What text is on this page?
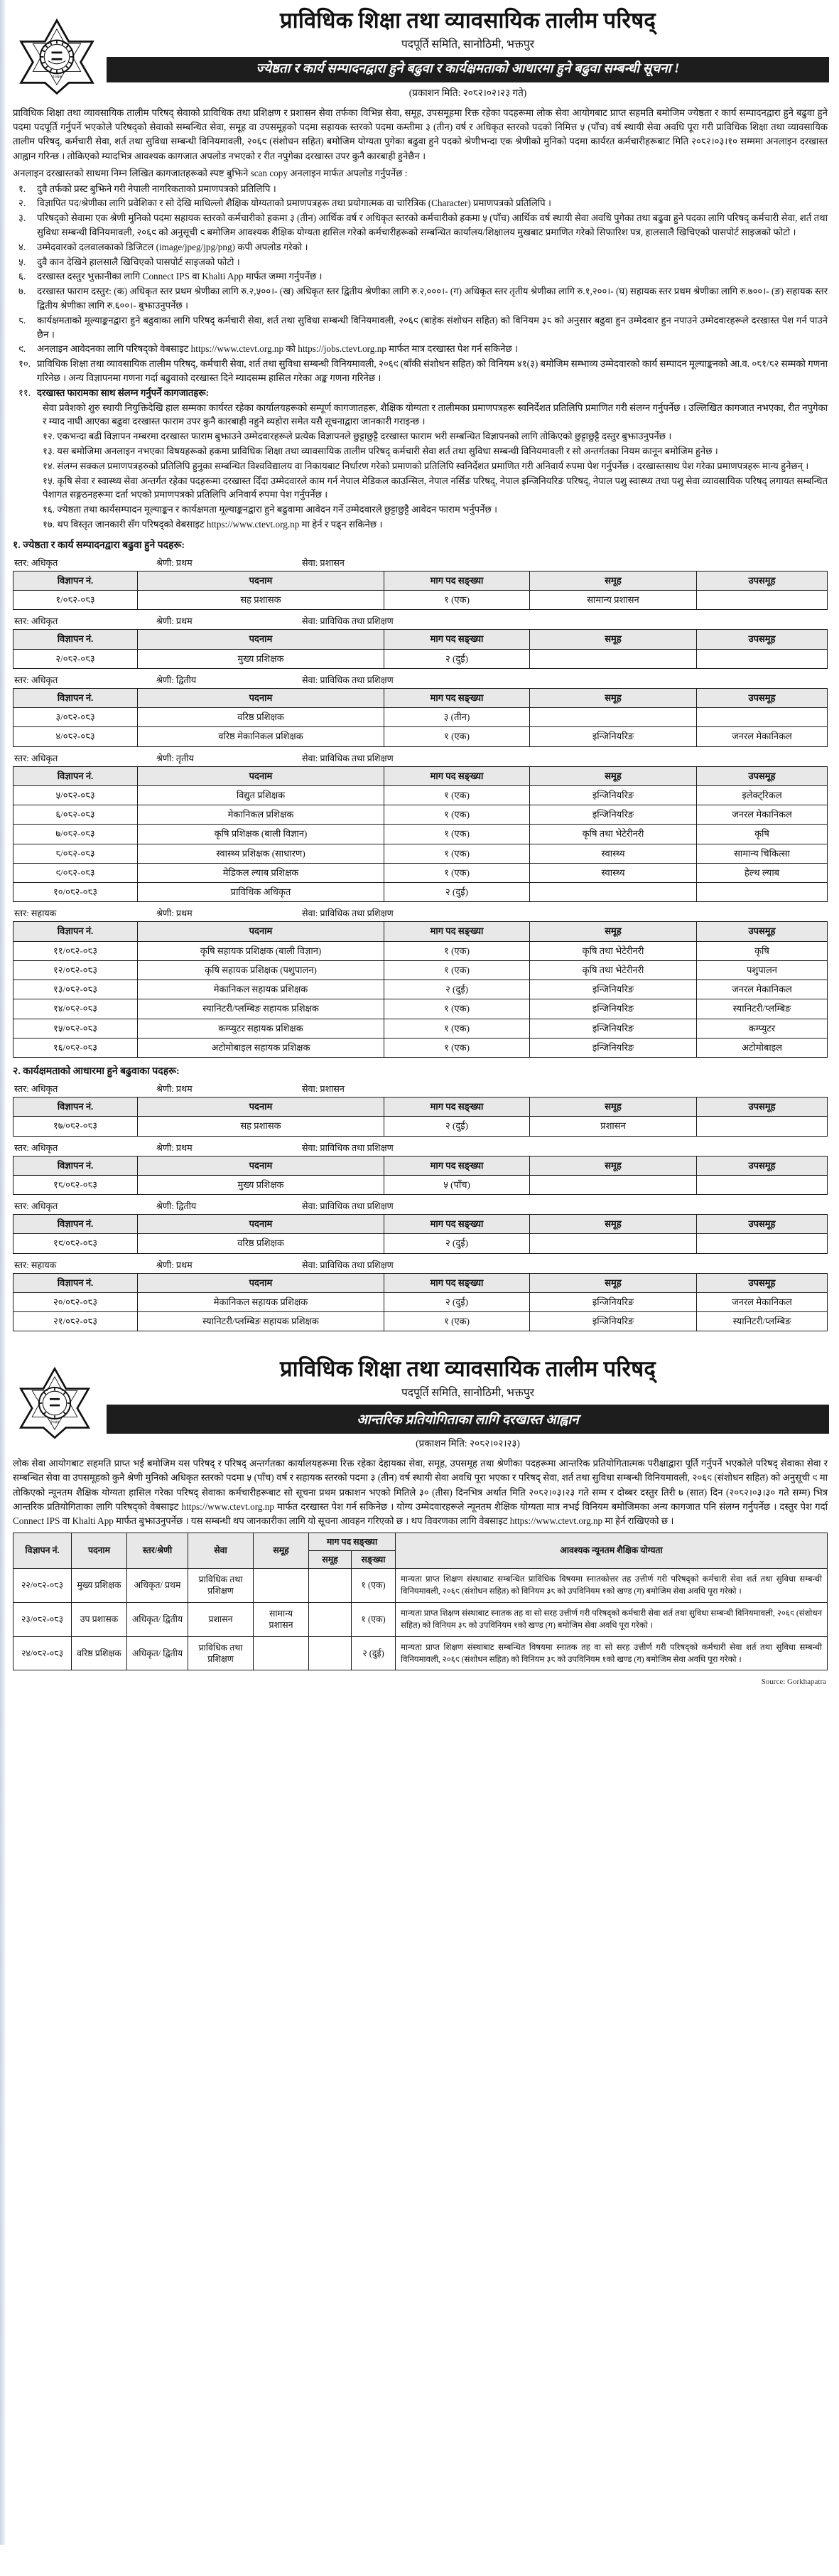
२०४५
प्राविधिक शिक्षा तथा व्यावसायिक तालीम परिषद्
पदपूर्ति समिति, सानोठिमी, भक्तपुर
ज्येष्ठता र कार्य सम्पादनद्वारा हुने बढुवा र कार्यक्षमताको आधारमा हुने बढुवा सम्बन्धी सूचना !
(प्रकाशन मिति: २०८२।०२।२३ गते)

प्राविधिक शिक्षा तथा व्यावसायिक तालीम परिषद् सेवाको प्राविधिक तथा प्रशिक्षण र प्रशासन सेवा तर्फका विभिन्न सेवा, समूह, उपसमूहमा रिक्त रहेका पदहरूमा लोक सेवा आयोगबाट प्राप्त सहमति बमोजिम ज्येष्ठता र कार्य सम्पादनद्वारा हुने बढुवा हुने पदमा पदपूर्ति गर्नुपर्ने भएकोले परिषद्को सेवाको सम्बन्धित सेवा, समूह वा उपसमूहको पदमा सहायक स्तरको पदमा कम्तीमा ३ (तीन) वर्ष र अधिकृत स्तरको पदको निमित्त ५ (पाँच) वर्ष स्थायी सेवा अवधि पूरा गरी प्राविधिक शिक्षा तथा व्यावसायिक तालीम परिषद्, कर्मचारी सेवा, शर्त तथा सुविधा सम्बन्धी विनियमावली, २०६९ (संशोधन सहित) बमोजिम योग्यता पुगेका बढुवा हुने पदको श्रेणीभन्दा एक श्रेणीको मुनिको पदमा कार्यरत कर्मचारीहरूबाट मिति २०८२।०३।१० सम्ममा अनलाइन दरखास्त आह्वान गरिन्छ । तोकिएको म्यादभित्र आवश्यक कागजात अपलोड नभएको र रीत नपुगेका दरखास्त उपर कुनै कारबाही हुनेछैन ।

अनलाइन दरखास्तको साथमा निम्न लिखित कागजातहरूको स्पष्ट बुझिने scan copy अनलाइन मार्फत अपलोड गर्नुपर्नेछ :

१.	दुवै तर्फको प्रस्ट बुझिने गरी नेपाली नागरिकताको प्रमाणपत्रको प्रतिलिपि ।
२.	विज्ञापित पद/श्रेणीका लागि प्रवेशिका र सो देखि माथिल्लो शैक्षिक योग्यताको प्रमाणपत्रहरू तथा प्रयोगात्मक वा चारित्रिक (Character) प्रमाणपत्रको प्रतिलिपि ।
३.	परिषद्को सेवामा एक श्रेणी मुनिको पदमा सहायक स्तरको कर्मचारीको हकमा ३ (तीन) आर्थिक वर्ष र अधिकृत स्तरको कर्मचारीको हकमा ५ (पाँच) आर्थिक वर्ष स्थायी सेवा अवधि पुगेका तथा बढुवा हुने पदका लागि परिषद् कर्मचारी सेवा, शर्त तथा सुविधा सम्बन्धी विनियमावली, २०६९ को अनुसूची ९ बमोजिम आवश्यक शैक्षिक योग्यता हासिल गरेको कर्मचारीहरूको सम्बन्धित कार्यालय/शिक्षालय मुखबाट प्रमाणित गरेको सिफारिश पत्र, हालसालै खिचिएको पासपोर्ट साइजको फोटो ।
४.	उम्मेदवारको दलवालकाको डिजिटल (image/jpeg/jpg/png) कपी अपलोड गरेको ।
५.	दुवै कान देखिने हालसालै खिचिएको पासपोर्ट साइजको फोटो ।
६.	दरखास्त दस्तुर भुक्तानीका लागि Connect IPS वा Khalti App मार्फत जम्मा गर्नुपर्नेछ ।
७.	दरखास्त फाराम दस्तुर: (क) अधिकृत स्तर प्रथम श्रेणीका लागि रु.२,५००।- (ख) अधिकृत स्तर द्वितीय श्रेणीका लागि रु.२,०००।- (ग) अधिकृत स्तर तृतीय श्रेणीका लागि रु.१,२००।- (घ) सहायक स्तर प्रथम श्रेणीका लागि रु.७००।- (ङ) सहायक स्तर द्वितीय श्रेणीका लागि रु.६००।- बुझाउनुपर्नेछ ।
८.	कार्यक्षमताको मूल्याङ्कनद्वारा हुने बढुवाका लागि परिषद् कर्मचारी सेवा, शर्त तथा सुविधा सम्बन्धी विनियमावली, २०६९ (बाहेक संशोधन सहित) को विनियम ३८ को अनुसार बढुवा हुन उम्मेदवार हुन नपाउने उम्मेदवारहरूले दरखास्त पेश गर्न पाउने छैन ।
९.	अनलाइन आवेदनका लागि परिषद्को वेबसाइट https://www.ctevt.org.np को https://jobs.ctevt.org.np मार्फत मात्र दरखास्त पेश गर्न सकिनेछ ।
१०. प्राविधिक शिक्षा तथा व्यावसायिक तालीम परिषद्, कर्मचारी सेवा, शर्त तथा सुविधा सम्बन्धी विनियमावली, २०६९ (बाँकी संशोधन सहित) को विनियम ४१(३) बमोजिम सम्भाव्य उम्मेदवारको कार्य सम्पादन मूल्याङ्कनको आ.व. ०८१/८२ सम्मको गणना गरिनेछ । अन्य विज्ञापनमा गणना गर्दा बढुवाको दरखास्त दिने म्यादसम्म हासिल गरेका अङ्क गणना गरिनेछ ।
११. दरखास्त फारामका साथ संलग्न गर्नुपर्ने कागजातहरू:

सेवा प्रवेशको शुरु स्थायी नियुक्तिदेखि हाल सम्मका कार्यरत रहेका कार्यालयहरूको सम्पूर्ण कागजातहरू, शैक्षिक योग्यता र तालीमका प्रमाणपत्रहरू स्वनिर्देशत प्रतिलिपि प्रमाणित गरी संलग्न गर्नुपर्नेछ । उल्लिखित कागजात नभएका, रीत नपुगेका र म्याद नाघी आएका बढुवा दरखास्त फाराम उपर कुनै कारबाही नहुने व्यहोरा समेत यसै सूचनाद्वारा जानकारी गराइन्छ ।

१२. एकभन्दा बढी विज्ञापन नम्बरमा दरखास्त फाराम बुझाउने उम्मेदवारहरूले प्रत्येक विज्ञापनले छुट्टाछुट्टै दरखास्त फाराम भरी सम्बन्धित विज्ञापनको लागि तोकिएको छुट्टाछुट्टै दस्तुर बुझाउनुपर्नेछ ।

१३. यस बमोजिमा अनलाइन नभएका विषयहरूको हकमा प्राविधिक शिक्षा तथा व्यावसायिक तालीम परिषद् कर्मचारी सेवा शर्त तथा सुविधा सम्बन्धी विनियमावली र सो अन्तर्गतका नियम कानून बमोजिम हुनेछ ।

१४. संलग्न सक्कल प्रमाणपत्रहरुको प्रतिलिपि हुनुका सम्बन्धित विश्वविद्यालय वा निकायबाट निर्धारण गरेको प्रमाणको प्रतिलिपि स्वनिर्देशत प्रमाणित गरी अनिवार्य रुपमा पेश गर्नुपर्नेछ । दरखास्तसाथ पेश गरेका प्रमाणपत्रहरू मान्य हुनेछन् ।

१५. कृषि सेवा र स्वास्थ्य सेवा अन्तर्गत रहेका पदहरूमा दरखास्त दिँदा उम्मेदवारले काम गर्न नेपाल मेडिकल काउन्सिल, नेपाल नर्सिङ परिषद्, नेपाल इन्जिनियरिङ परिषद्, नेपाल पशु स्वास्थ्य तथा पशु सेवा व्यावसायिक परिषद् लगायत सम्बन्धित पेशागत सङ्गठनहरूमा दर्ता भएको प्रमाणपत्रको प्रतिलिपि अनिवार्य रुपमा पेश गर्नुपर्नेछ ।

१६. ज्येष्ठता तथा कार्यसम्पादन मूल्याङ्कन र कार्यक्षमता मूल्याङ्कनद्वारा हुने बढुवामा आवेदन गर्ने उम्मेदवारले छुट्टाछुट्टै आवेदन फाराम भर्नुपर्नेछ ।

१७. थप विस्तृत जानकारी सँग परिषद्को वेबसाइट https://www.ctevt.org.np मा हेर्न र पढ्न सकिनेछ ।

१. ज्येष्ठता र कार्य सम्पादनद्वारा बढुवा हुने पदहरू:
स्तर: अधिकृत	श्रेणी: प्रथम	सेवा: प्रशासन
विज्ञापन नं.	पदनाम	माग पद सङ्ख्या	समूह	उपसमूह
१/०८२-०८३	सह प्रशासक	१ (एक)	सामान्य प्रशासन	
स्तर: अधिकृत	श्रेणी: प्रथम	सेवा: प्राविधिक तथा प्रशिक्षण
विज्ञापन नं.	पदनाम	माग पद सङ्ख्या	समूह	उपसमूह
२/०८२-०८३	मुख्य प्रशिक्षक	२ (दुई)		
स्तर: अधिकृत	श्रेणी: द्वितीय	सेवा: प्राविधिक तथा प्रशिक्षण
विज्ञापन नं.	पदनाम	माग पद सङ्ख्या	समूह	उपसमूह
३/०८२-०८३	वरिष्ठ प्रशिक्षक	३ (तीन)		
४/०८२-०८३	वरिष्ठ मेकानिकल प्रशिक्षक	१ (एक)	इन्जिनियरिङ	जनरल मेकानिकल
स्तर: अधिकृत	श्रेणी: तृतीय	सेवा: प्राविधिक तथा प्रशिक्षण
विज्ञापन नं.	पदनाम	माग पद सङ्ख्या	समूह	उपसमूह
५/०८२-०८३	विद्युत प्रशिक्षक	१ (एक)	इन्जिनियरिङ	इलेक्ट्रिकल
६/०८२-०८३	मेकानिकल प्रशिक्षक	१ (एक)	इन्जिनियरिङ	जनरल मेकानिकल
७/०८२-०८३	कृषि प्रशिक्षक (बाली विज्ञान)	१ (एक)	कृषि तथा भेटेरीनरी	कृषि
८/०८२-०८३	स्वास्थ्य प्रशिक्षक (साधारण)	१ (एक)	स्वास्थ्य	सामान्य चिकित्सा
९/०८२-०८३	मेडिकल ल्याब प्रशिक्षक	१ (एक)	स्वास्थ्य	हेल्थ ल्याब
१०/०८२-०८३	प्राविधिक अधिकृत	२ (दुई)		
स्तर: सहायक	श्रेणी: प्रथम	सेवा: प्राविधिक तथा प्रशिक्षण
विज्ञापन नं.	पदनाम	माग पद सङ्ख्या	समूह	उपसमूह
११/०८२-०८३	कृषि सहायक प्रशिक्षक (बाली विज्ञान)	१ (एक)	कृषि तथा भेटेरीनरी	कृषि
१२/०८२-०८३	कृषि सहायक प्रशिक्षक (पशुपालन)	१ (एक)	कृषि तथा भेटेरीनरी	पशुपालन
१३/०८२-०८३	मेकानिकल सहायक प्रशिक्षक	२ (दुई)	इन्जिनियरिङ	जनरल मेकानिकल
१४/०८२-०८३	स्यानिटरी/प्लम्बिङ सहायक प्रशिक्षक	१ (एक)	इन्जिनियरिङ	स्यानिटरी/प्लम्बिङ
१५/०८२-०८३	कम्प्युटर सहायक प्रशिक्षक	१ (एक)	इन्जिनियरिङ	कम्प्युटर
१६/०८२-०८३	अटोमोबाइल सहायक प्रशिक्षक	१ (एक)	इन्जिनियरिङ	अटोमोबाइल
२. कार्यक्षमताको आधारमा हुने बढुवाका पदहरू:
स्तर: अधिकृत	श्रेणी: प्रथम	सेवा: प्रशासन
विज्ञापन नं.	पदनाम	माग पद सङ्ख्या	समूह	उपसमूह
१७/०८२-०८३	सह प्रशासक	२ (दुई)	प्रशासन	
स्तर: अधिकृत	श्रेणी: प्रथम	सेवा: प्राविधिक तथा प्रशिक्षण
विज्ञापन नं.	पदनाम	माग पद सङ्ख्या	समूह	उपसमूह
१८/०८२-०८३	मुख्य प्रशिक्षक	५ (पाँच)		
स्तर: अधिकृत	श्रेणी: द्वितीय	सेवा: प्राविधिक तथा प्रशिक्षण
विज्ञापन नं.	पदनाम	माग पद सङ्ख्या	समूह	उपसमूह
१९/०८२-०८३	वरिष्ठ प्रशिक्षक	२ (दुई)		
स्तर: सहायक	श्रेणी: प्रथम	सेवा: प्राविधिक तथा प्रशिक्षण
विज्ञापन नं.	पदनाम	माग पद सङ्ख्या	समूह	उपसमूह
२०/०८२-०८३	मेकानिकल सहायक प्रशिक्षक	२ (दुई)	इन्जिनियरिङ	जनरल मेकानिकल
२१/०८२-०८३	स्यानिटरी/प्लम्बिङ सहायक प्रशिक्षक	१ (एक)	इन्जिनियरिङ	स्यानिटरी/प्लम्बिङ
२०४५
प्राविधिक शिक्षा तथा व्यावसायिक तालीम परिषद्
पदपूर्ति समिति, सानोठिमी, भक्तपुर
आन्तरिक प्रतियोगिताका लागि दरखास्त आह्वान
(प्रकाशन मिति: २०८२।०२।२३)

लोक सेवा आयोगबाट सहमति प्राप्त भई बमोजिम यस परिषद् र परिषद् अन्तर्गतका कार्यालयहरूमा रिक्त रहेका देहायका सेवा, समूह, उपसमूह तथा श्रेणीका पदहरूमा आन्तरिक प्रतियोगितात्मक परीक्षाद्वारा पूर्ति गर्नुपर्ने भएकोले परिषद् सेवाका सेवा र सम्बन्धित सेवा वा उपसमूहको कुनै श्रेणी मुनिको अधिकृत स्तरको पदमा ५ (पाँच) वर्ष र सहायक स्तरको पदमा ३ (तीन) वर्ष स्थायी सेवा अवधि पूरा भएका र परिषद् सेवा, शर्त तथा सुविधा सम्बन्धी विनियमावली, २०६९ (संशोधन सहित) को अनुसूची ९ मा तोकिएको न्यूनतम शैक्षिक योग्यता हासिल गरेका परिषद्‌ सेवाका कर्मचारीहरूबाट सो सूचना प्रथम प्रकाशन भएको मितिले ३० (तीस) दिनभित्र अर्थात मिति २०८२।०३।२३ गते सम्म र दोब्बर दस्तुर तिरी ७ (सात) दिन (२०८२।०३।३० गते सम्म) भित्र आन्तरिक प्रतियोगिताका लागि परिषद्को वेबसाइट https://www.ctevt.org.np मार्फत दरखास्त पेश गर्न सकिनेछ । योग्य उम्मेदवारहरूले न्यूनतम शैक्षिक योग्यता मात्र नभई विनियम बमोजिमका अन्य कागजात पनि संलग्न गर्नुपर्नेछ । दस्तुर पेश गर्दा Connect IPS वा Khalti App मार्फत बुझाउनुपर्नेछ । यस सम्बन्धी थप जानकारीका लागि यो सूचना आवहन गरिएको छ । थप विवरणका लागि वेबसाइट https://www.ctevt.org.np मा हेर्न राखिएको छ ।

विज्ञापन नं.	पदनाम	स्तर/श्रेणी	सेवा	समूह	माग पद सङ्ख्या		आवश्यक न्यूनतम शैक्षिक योग्यता
					समूह	सङ्ख्या	
२२/०८२-०८३	मुख्य प्रशिक्षक	अधिकृत/ प्रथम	प्राविधिक तथा प्रशिक्षण			१ (एक)	मान्यता प्राप्त शिक्षण संस्थाबाट सम्बन्धित प्राविधिक विषयमा स्नातकोत्तर तह उत्तीर्ण गरी परिषद्को कर्मचारी सेवा शर्त तथा सुविधा सम्बन्धी विनियमावली, २०६९ (संशोधन सहित) को विनियम ३८ को उपविनियम १को खण्ड (ग) बमोजिम सेवा अवधि पूरा गरेको ।
२३/०८२-०८३	उप प्रशासक	अधिकृत/ द्वितीय	प्रशासन	सामान्य प्रशासन		१ (एक)	मान्यता प्राप्त शिक्षण संस्थाबाट स्नातक तह वा सो सरह उत्तीर्ण गरी परिषद्को कर्मचारी सेवा शर्त तथा सुविधा सम्बन्धी विनियमावली, २०६९ (संशोधन सहित) को विनियम ३८ को उपविनियम १को खण्ड (ग) बमोजिम सेवा अवधि पूरा गरेको ।
२४/०८२-०८३	वरिष्ठ प्रशिक्षक	अधिकृत/ द्वितीय	प्राविधिक तथा प्रशिक्षण			२ (दुई)	मान्यता प्राप्त शिक्षण संस्थाबाट सम्बन्धित विषयमा स्नातक तह वा सो सरह उत्तीर्ण गरी परिषद्को कर्मचारी सेवा शर्त तथा सुविधा सम्बन्धी विनियमावली, २०६९ (संशोधन सहित) को विनियम ३८ को उपविनियम १को खण्ड (ग) बमोजिम सेवा अवधि पूरा गरेको ।
Source: Gorkhapatra
